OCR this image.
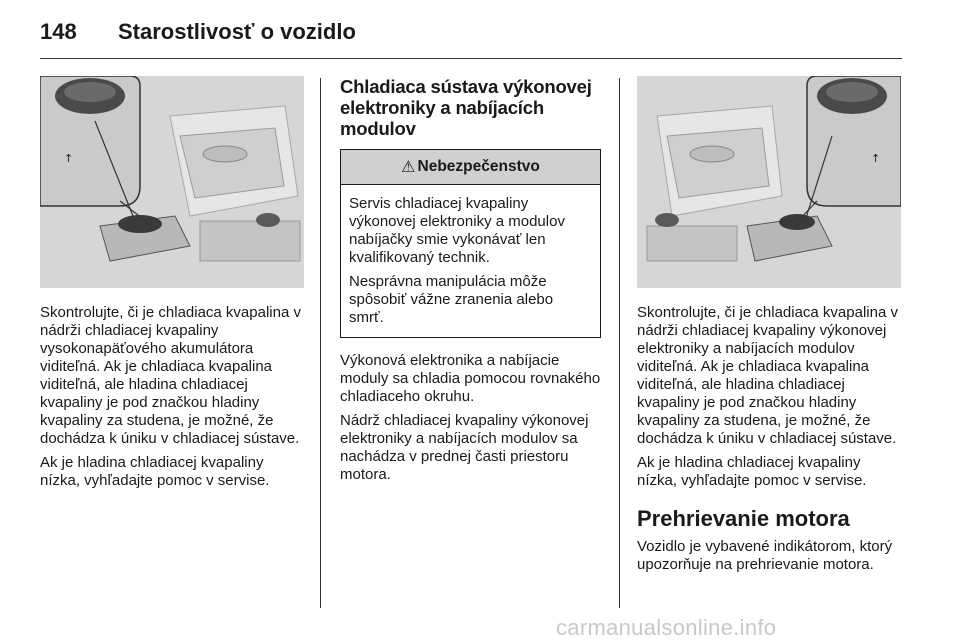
148 Starostlivosť o vozidlo
↑

Skontrolujte, či je chladiaca kvapalina v nádrži chladiacej kvapaliny vysokonapäťového akumulátora viditeľná. Ak je chladiaca kvapalina viditeľná, ale hladina chladiacej kvapaliny je pod značkou hladiny kvapaliny za studena, je možné, že dochádza k úniku v chladiacej sústave.

Ak je hladina chladiacej kvapaliny nízka, vyhľadajte pomoc v servise.

Chladiaca sústava výkonovej elektroniky a nabíjacích modulov
⚠ Nebezpečenstvo

Servis chladiacej kvapaliny výkonovej elektroniky a modulov nabíjačky smie vykonávať len kvalifikovaný technik.

Nesprávna manipulácia môže spôsobiť vážne zranenia alebo smrť.

Výkonová elektronika a nabíjacie moduly sa chladia pomocou rovnakého chladiaceho okruhu.

Nádrž chladiacej kvapaliny výkonovej elektroniky a nabíjacích modulov sa nachádza v prednej časti priestoru motora.

↑

Skontrolujte, či je chladiaca kvapalina v nádrži chladiacej kvapaliny výkonovej elektroniky a nabíjacích modulov viditeľná. Ak je chladiaca kvapalina viditeľná, ale hladina chladiacej kvapaliny je pod značkou hladiny kvapaliny za studena, je možné, že dochádza k úniku v chladiacej sústave.

Ak je hladina chladiacej kvapaliny nízka, vyhľadajte pomoc v servise.

Prehrievanie motora

Vozidlo je vybavené indikátorom, ktorý upozorňuje na prehrievanie motora.

carmanualsonline.info
